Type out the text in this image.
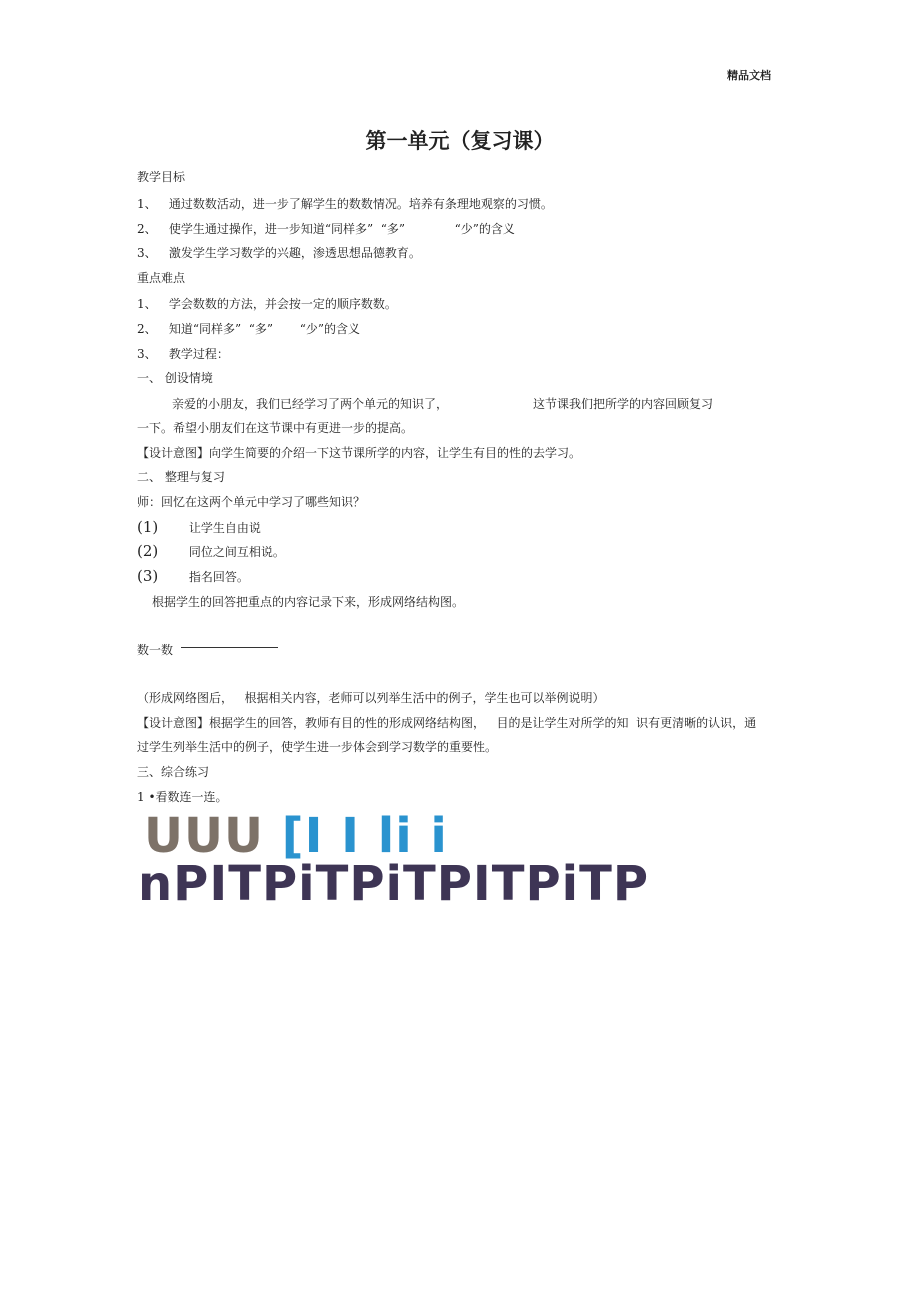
精品文档
第一单元（复习课）
教学目标
1、 通过数数活动，进一步了解学生的数数情况。培养有条理地观察的习惯。
2、 使学生通过操作，进一步知道“同样多”  “多”             “少”的含义
3、 激发学生学习数学的兴趣，渗透思想品德教育。
重点难点
1、 学会数数的方法，并会按一定的顺序数数。
2、 知道“同样多”  “多”       “少”的含义
3、 教学过程：
一、 创设情境
亲爱的小朋友，我们已经学习了两个单元的知识了，	这节课我们把所学的内容回顾复习
一下。希望小朋友们在这节课中有更进一步的提高。
【设计意图】向学生简要的介绍一下这节课所学的内容，让学生有目的性的去学习。
二、 整理与复习
师：回忆在这两个单元中学习了哪些知识？
(1)	让学生自由说
(2)	同位之间互相说。
(3)	指名回答。
根据学生的回答把重点的内容记录下来，形成网络结构图。
数一数
（形成网络图后，   根据相关内容，老师可以列举生活中的例子，学生也可以举例说明）
【设计意图】根据学生的回答，教师有目的性的形成网络结构图，   目的是让学生对所学的知  识有更清晰的认识，通
过学生列举生活中的例子，使学生进一步体会到学习数学的重要性。
三、综合练习
1 •看数连一连。
UUU [I I li i
nPITPiTPiTPITPiTP
